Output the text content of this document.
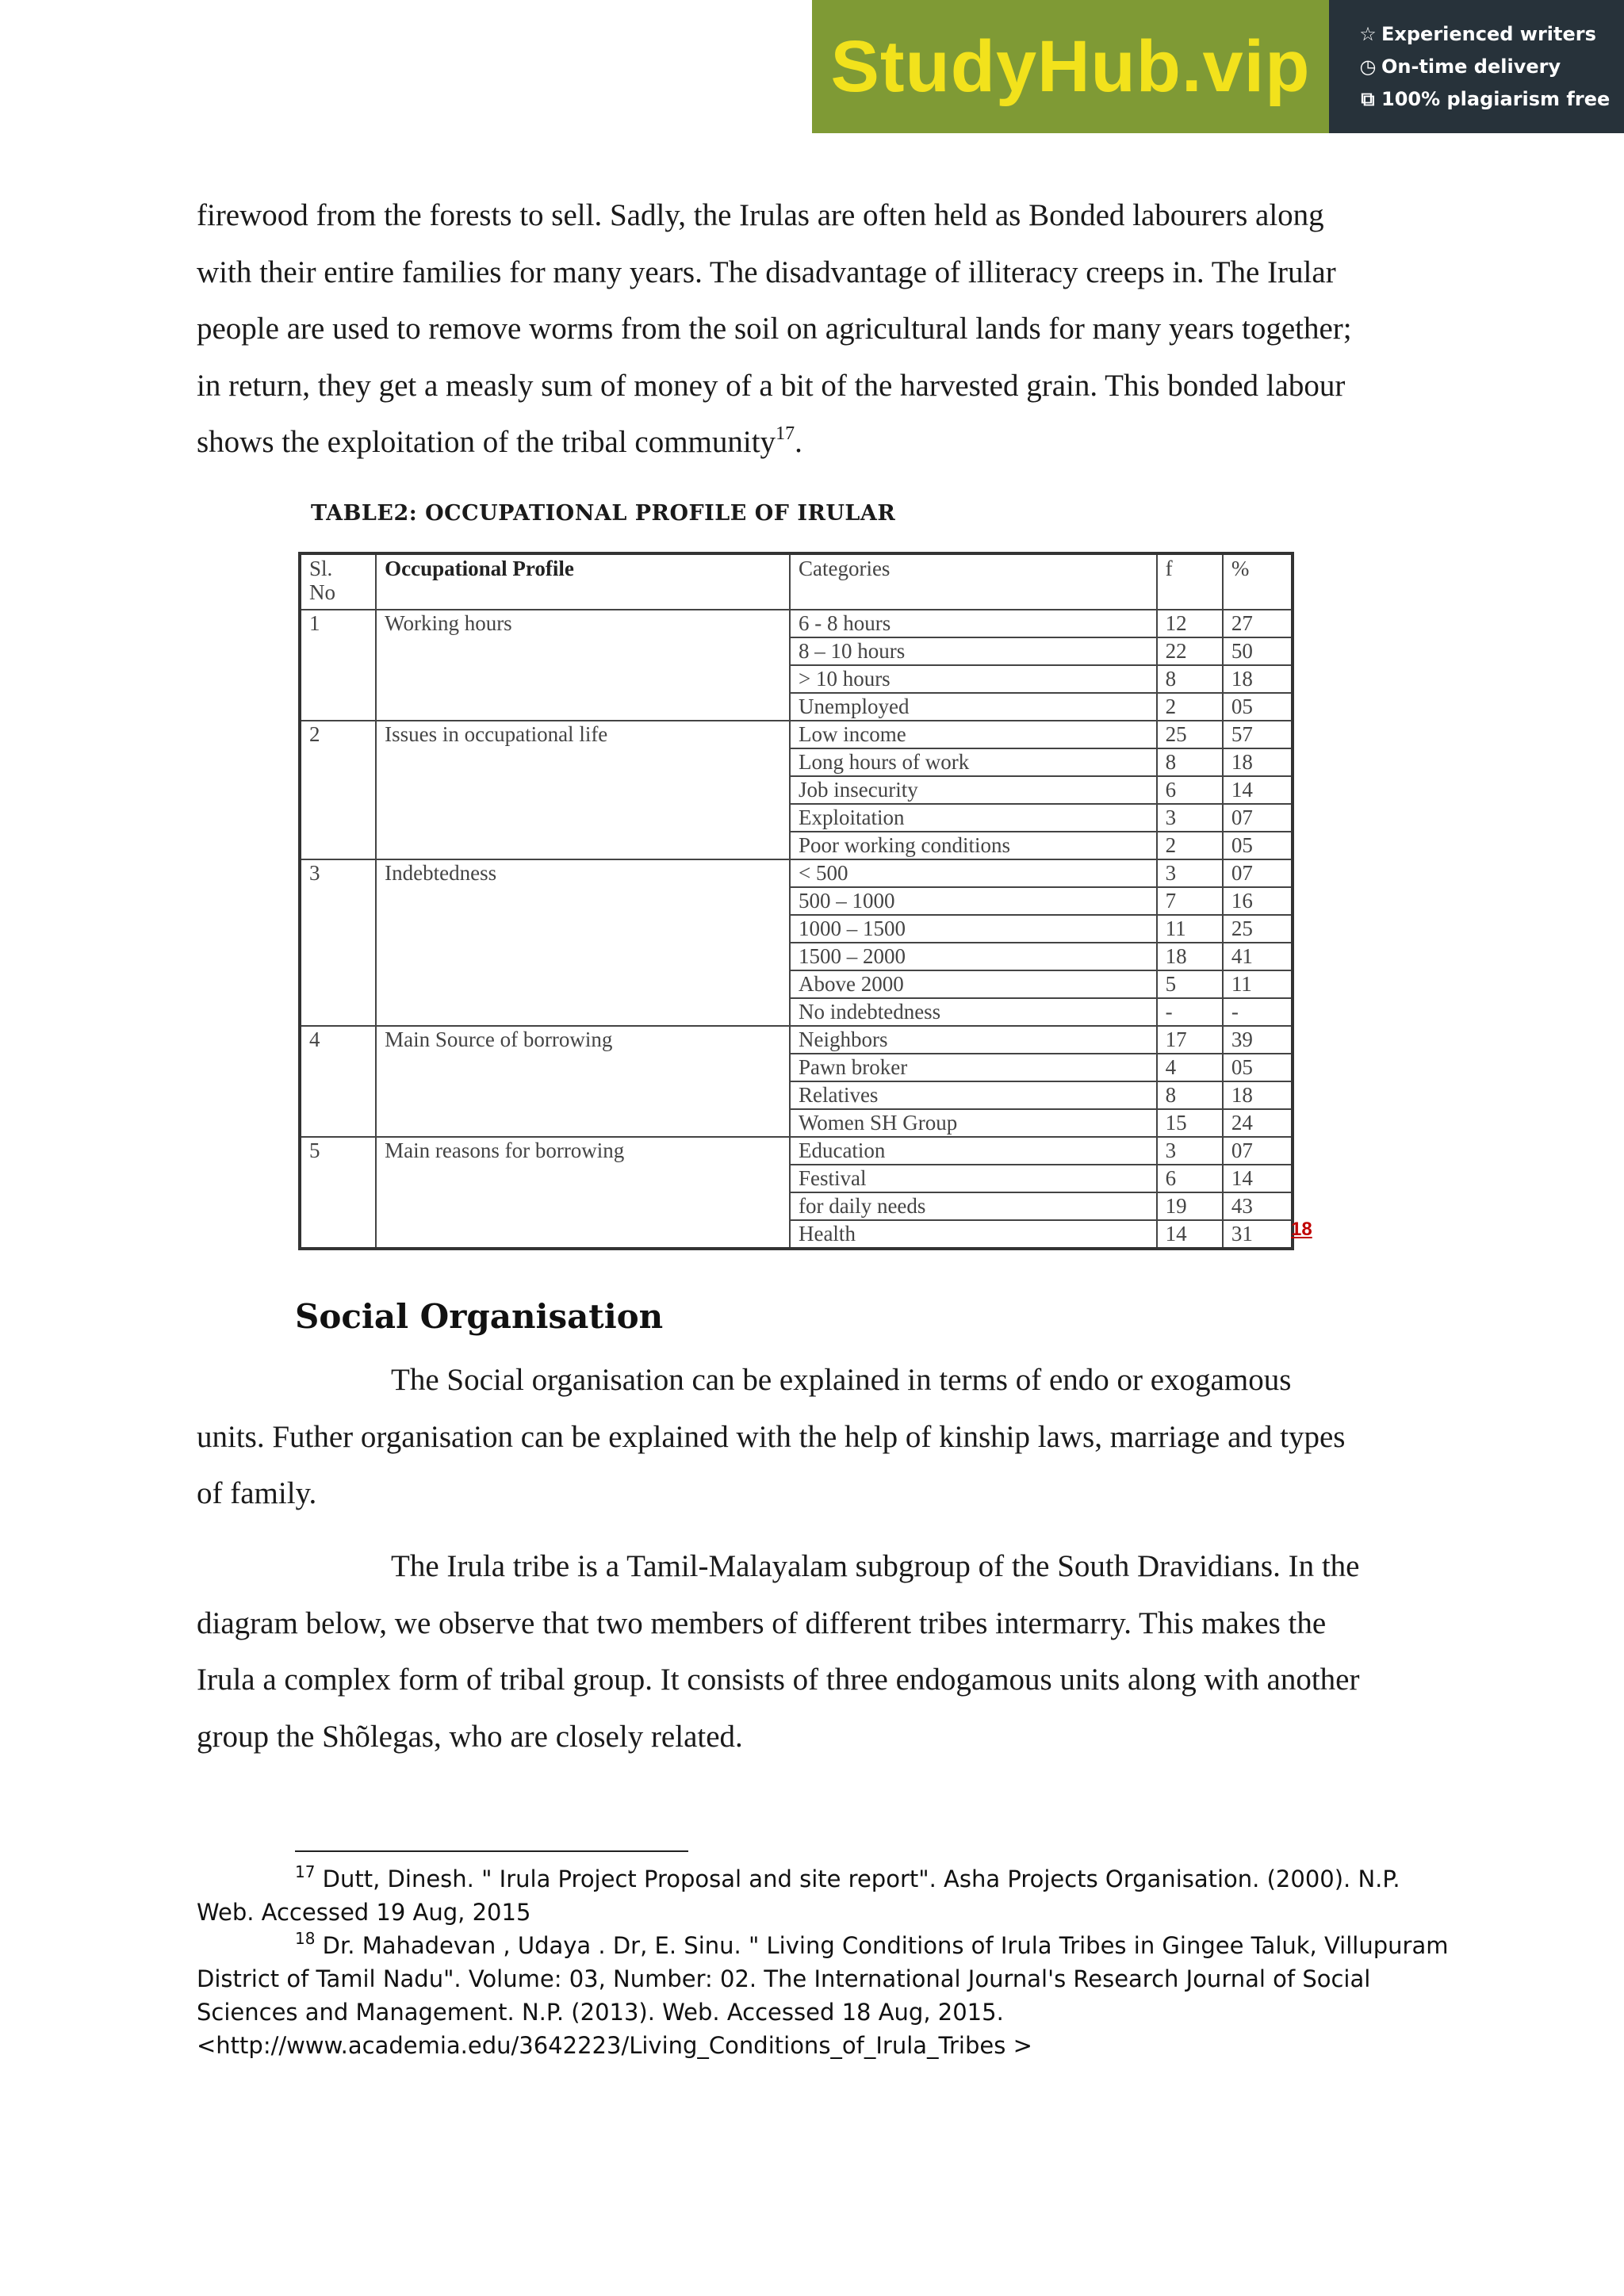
StudyHub.vip	☆ Experienced writers
◷ On-time delivery
⧉ 100% plagiarism free

firewood from the forests to sell. Sadly, the Irulas are often held as Bonded labourers along
with their entire families for many years. The disadvantage of illiteracy creeps in. The Irular
people are used to remove worms from the soil on agricultural lands for many years together;
in return, they get a measly sum of money of a bit of the harvested grain. This bonded labour
shows the exploitation of the tribal community$^{17}$.

TABLE2: OCCUPATIONAL PROFILE OF IRULAR
Sl.
No	Occupational Profile	Categories	f	%
1	Working hours	6 - 8 hours	12	27
		8 – 10 hours	22	50
		> 10 hours	8	18
		Unemployed	2	05
2	Issues in occupational life	Low income	25	57
		Long hours of work	8	18
		Job insecurity	6	14
		Exploitation	3	07
		Poor working conditions	2	05
3	Indebtedness	< 500	3	07
		500 – 1000	7	16
		1000 – 1500	11	25
		1500 – 2000	18	41
		Above 2000	5	11
		No indebtedness	-	-
4	Main Source of borrowing	Neighbors	17	39
		Pawn broker	4	05
		Relatives	8	18
		Women SH Group	15	24
5	Main reasons for borrowing	Education	3	07
		Festival	6	14
		for daily needs	19	43
		Health	14	31 18
Social Organisation

The Social organisation can be explained in terms of endo or exogamous
units. Futher organisation can be explained with the help of kinship laws, marriage and types
of family.

The Irula tribe is a Tamil-Malayalam subgroup of the South Dravidians. In the
diagram below, we observe that two members of different tribes intermarry. This makes the
Irula a complex form of tribal group. It consists of three endogamous units along with another
group the Shõlegas, who are closely related.

$^{17}$ Dutt, Dinesh. " Irula Project Proposal and site report". Asha Projects Organisation. (2000). N.P.
Web. Accessed 19 Aug, 2015
$^{18}$ Dr. Mahadevan , Udaya . Dr, E. Sinu. " Living Conditions of Irula Tribes in Gingee Taluk, Villupuram
District of Tamil Nadu". Volume: 03, Number: 02. The International Journal's Research Journal of Social
Sciences and Management. N.P. (2013). Web. Accessed 18 Aug, 2015.
<http://www.academia.edu/3642223/Living_Conditions_of_Irula_Tribes >
